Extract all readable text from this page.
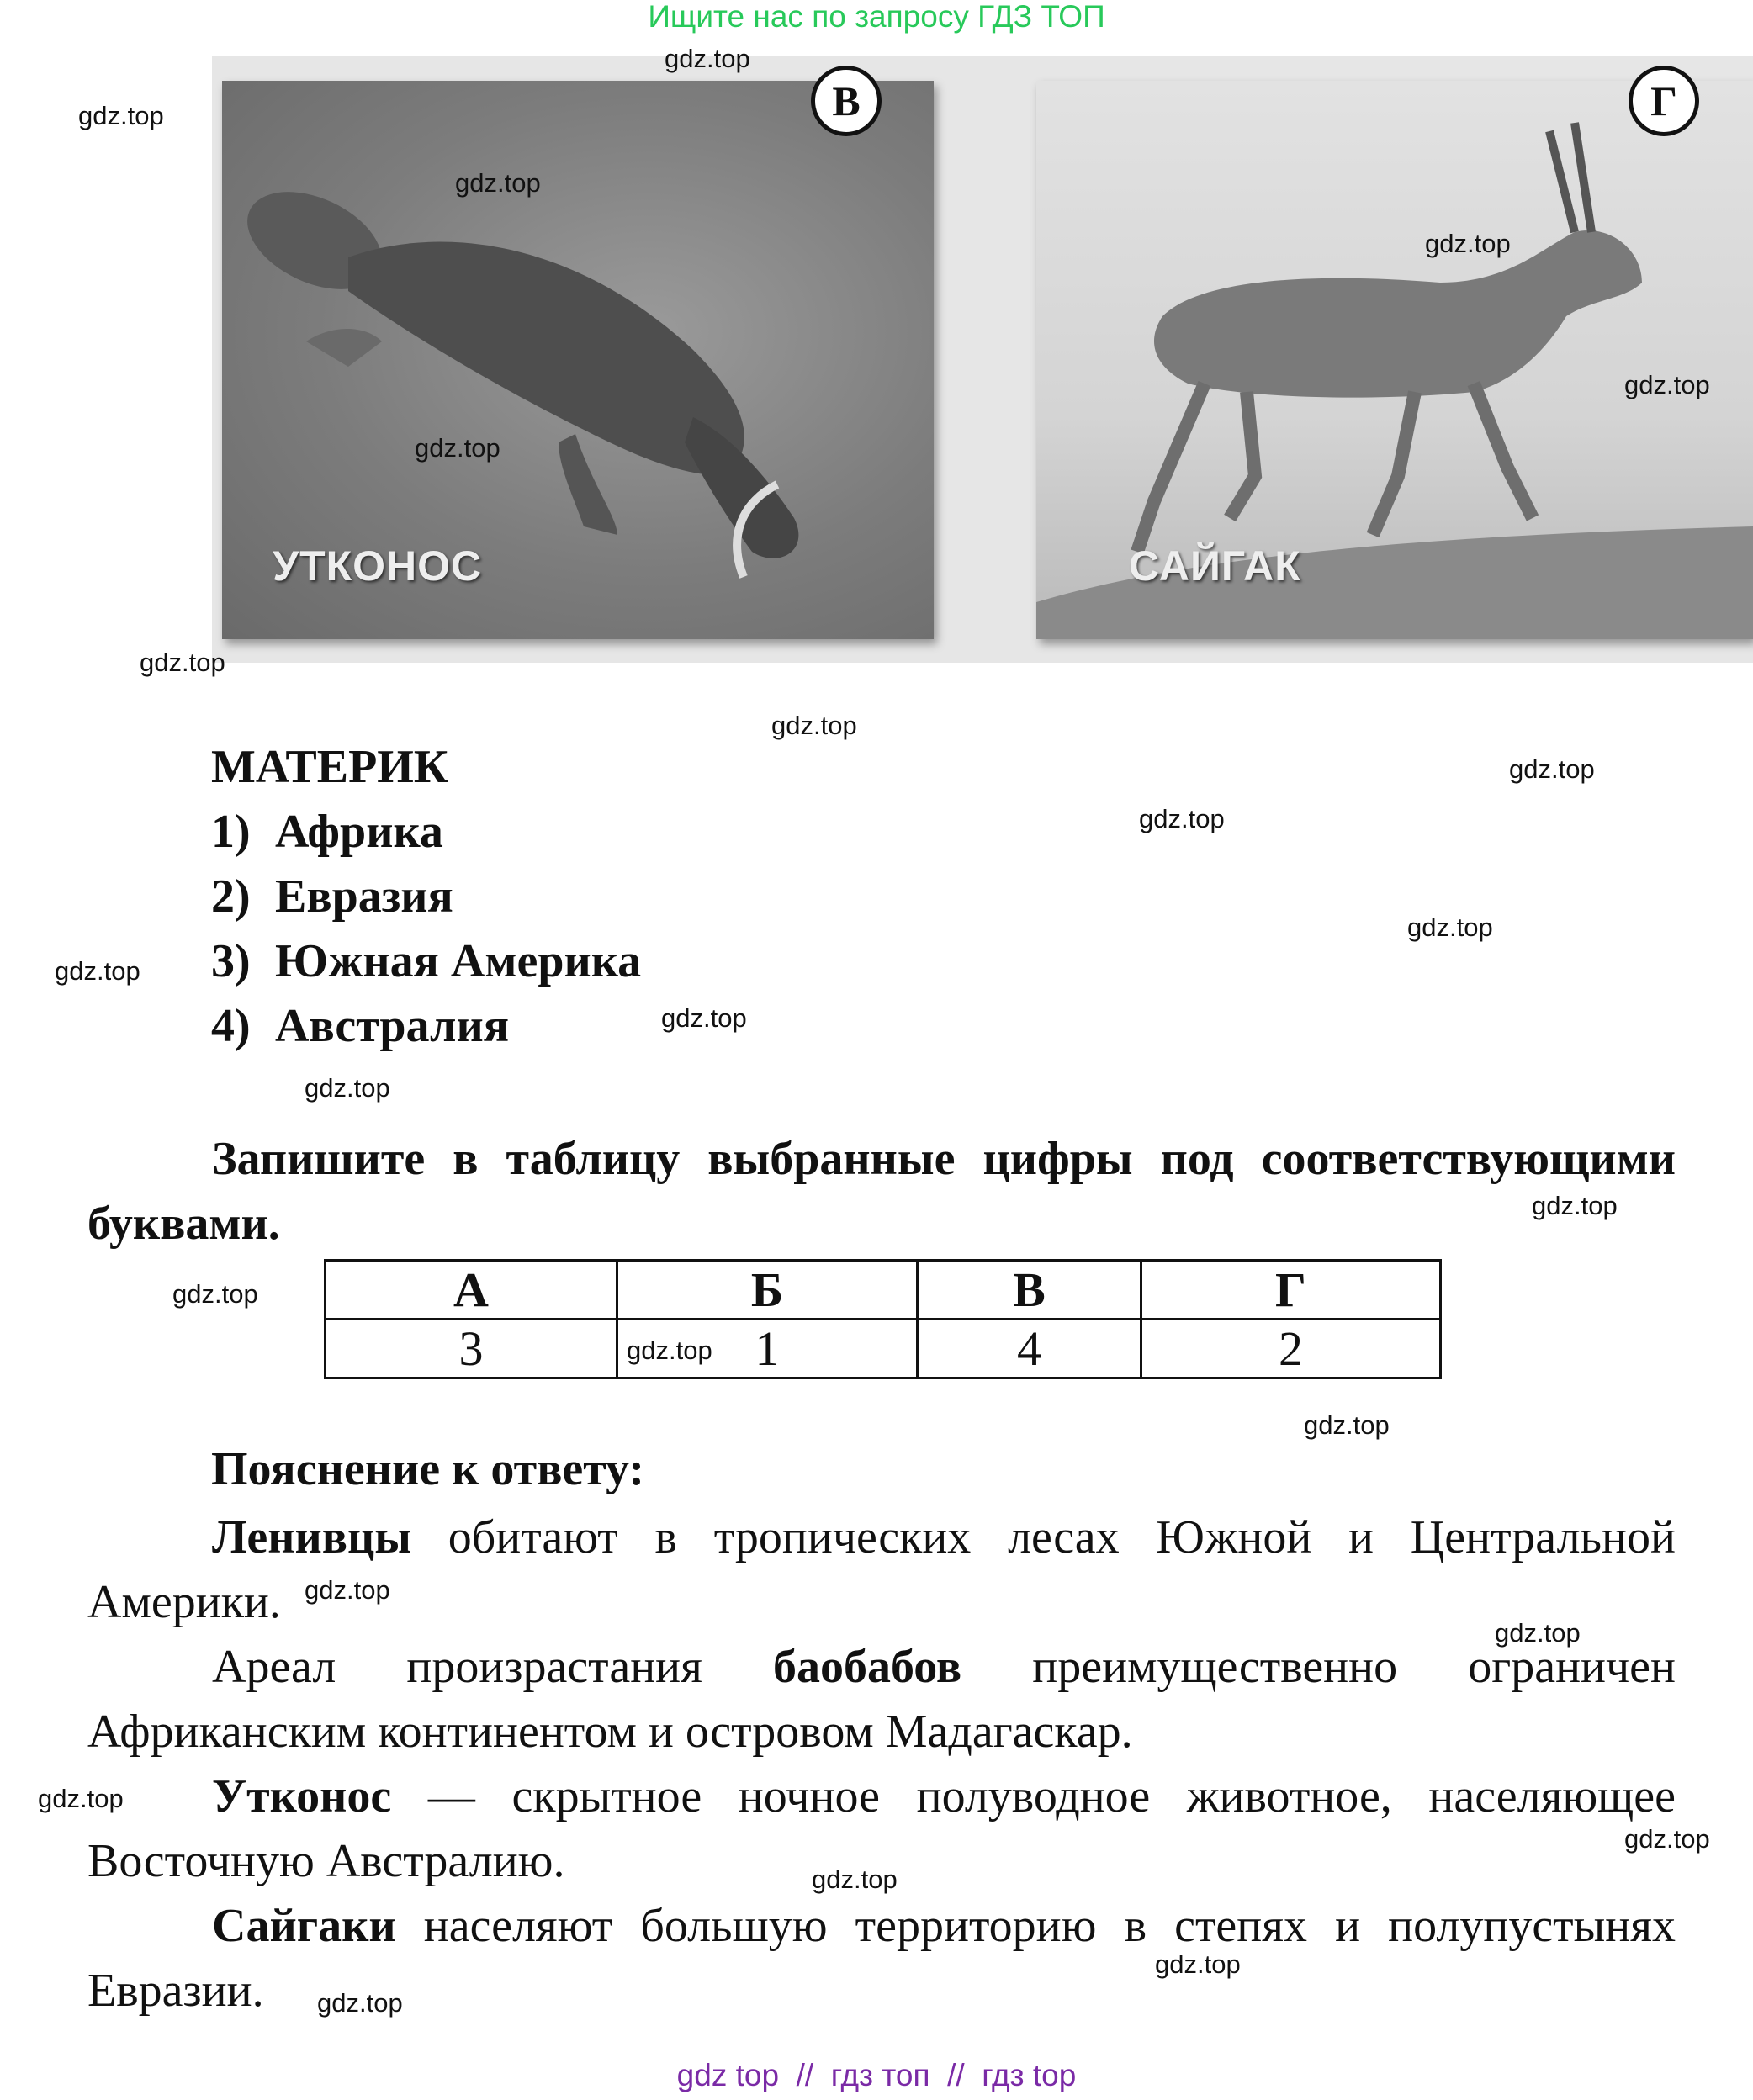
Ищите нас по запросу ГДЗ ТОП
УТКОНОС
В
САЙГАК
Г
МАТЕРИК
1) Африка
2) Евразия
3) Южная Америка
4) Австралия
Запишите в таблицу выбранные цифры под соответствующими буквами.
А	Б	В	Г
3	1	4	2
Пояснение к ответу:
Ленивцы обитают в тропических лесах Южной и Центральной Америки.
Ареал произрастания баобабов преимущественно ограничен Африканским континентом и островом Мадагаскар.
Утконос — скрытное ночное полуводное животное, населяющее Восточную Австралию.
Сайгаки населяют большую территорию в степях и полупустынях Евразии.
gdz.top
gdz.top
gdz.top
gdz.top
gdz.top
gdz.top
gdz.top
gdz.top
gdz.top
gdz.top
gdz.top
gdz.top
gdz.top
gdz.top
gdz.top
gdz.top
gdz.top
gdz.top
gdz.top
gdz.top
gdz.top
gdz.top
gdz.top
gdz.top
gdz.top
gdz top  //  гдз топ  //  гдз top
